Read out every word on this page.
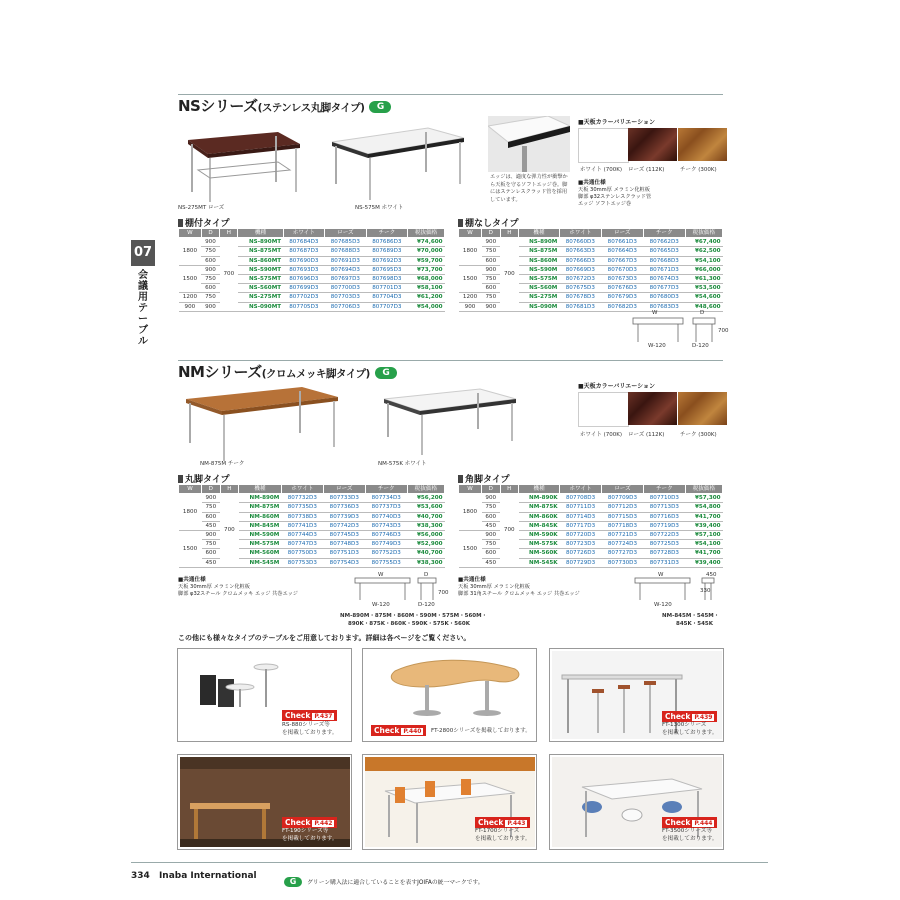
07
会議用テーブル
NSシリーズ(ステンレス丸脚タイプ) G
NS-275MT ローズ	NS-575M ホワイト
エッジは、適度な弾力性が衝撃から天板を守るソフトエッジ巻。脚にはステンレスクラッド管を採用しています。
■天板カラーバリエーション
ホワイト (700K) ローズ (112K)	チーク (300K)
■共通仕様
天板 30mm厚 メラミン化粧板
脚部 φ32ステンレスクラッド管
エッジ ソフトエッジ巻
棚付タイプ
W	D	H	機種	ホワイト	ローズ	チーク	税抜価格
1800	900	700	NS-890MT	807684D3	807685D3	807686D3	¥74,600
	750		NS-875MT	807687D3	807688D3	807689D3	¥70,000
	600		NS-860MT	807690D3	807691D3	807692D3	¥59,700
1500	900		NS-590MT	807693D3	807694D3	807695D3	¥73,700
	750		NS-575MT	807696D3	807697D3	807698D3	¥68,000
	600		NS-560MT	807699D3	807700D3	807701D3	¥58,100
1200	750		NS-275MT	807702D3	807703D3	807704D3	¥61,200
900	900		NS-090MT	807705D3	807706D3	807707D3	¥54,000
棚なしタイプ
W	D	H	機種	ホワイト	ローズ	チーク	税抜価格
1800	900	700	NS-890M	807660D3	807661D3	807662D3	¥67,400
	750		NS-875M	807663D3	807664D3	807665D3	¥62,500
	600		NS-860M	807666D3	807667D3	807668D3	¥54,100
1500	900		NS-590M	807669D3	807670D3	807671D3	¥66,000
	750		NS-575M	807672D3	807673D3	807674D3	¥61,300
	600		NS-560M	807675D3	807676D3	807677D3	¥53,500
1200	750		NS-275M	807678D3	807679D3	807680D3	¥54,600
900	900		NS-090M	807681D3	807682D3	807683D3	¥48,600
W	D
700
W-120	D-120
NMシリーズ(クロムメッキ脚タイプ) G
NM-875M チーク	NM-575K ホワイト
■天板カラーバリエーション
ホワイト (700K) ローズ (112K)	チーク (300K)
丸脚タイプ
W	D	H	機種	ホワイト	ローズ	チーク	税抜価格
1800	900	700	NM-890M	807732D3	807733D3	807734D3	¥56,200
	750		NM-875M	807735D3	807736D3	807737D3	¥53,600
	600		NM-860M	807738D3	807739D3	807740D3	¥40,700
	450		NM-845M	807741D3	807742D3	807743D3	¥38,300
1500	900		NM-590M	807744D3	807745D3	807746D3	¥56,000
	750		NM-575M	807747D3	807748D3	807749D3	¥52,900
	600		NM-560M	807750D3	807751D3	807752D3	¥40,700
	450		NM-545M	807753D3	807754D3	807755D3	¥38,300
角脚タイプ
W	D	H	機種	ホワイト	ローズ	チーク	税抜価格
1800	900	700	NM-890K	807708D3	807709D3	807710D3	¥57,300
	750		NM-875K	807711D3	807712D3	807713D3	¥54,800
	600		NM-860K	807714D3	807715D3	807716D3	¥41,700
	450		NM-845K	807717D3	807718D3	807719D3	¥39,400
1500	900		NM-590K	807720D3	807721D3	807722D3	¥57,100
	750		NM-575K	807723D3	807724D3	807725D3	¥54,100
	600		NM-560K	807726D3	807727D3	807728D3	¥41,700
	450		NM-545K	807729D3	807730D3	807731D3	¥39,400
■共通仕様
天板 30mm厚 メラミン化粧板
脚部 φ32スチール クロムメッキ エッジ 共巻エッジ
■共通仕様
天板 30mm厚 メラミン化粧板
脚部 31角スチール クロムメッキ エッジ 共巻エッジ
W	D
700
W-120	D-120
NM-890M・875M・860M・590M・575M・560M・
890K・875K・860K・590K・575K・560K
W	450
330
W-120
NM-845M・545M・
845K・545K
この他にも様々なタイプのテーブルをご用意しております。詳細は各ページをご覧ください。
Check P.437
RS-880シリーズ等
を掲載しております。	Check P.440	FT-2800シリーズを掲載しております。
Check P.439
FT-1300シリーズ
を掲載しております。
Check P.442
FT-190シリーズ等
を掲載しております。
Check P.443
FT-1700シリーズ
を掲載しております。
Check P.444
FT-3500シリーズ等
を掲載しております。
334 Inaba International	G グリーン購入法に適合していることを表すJOIFAの統一マークです。
